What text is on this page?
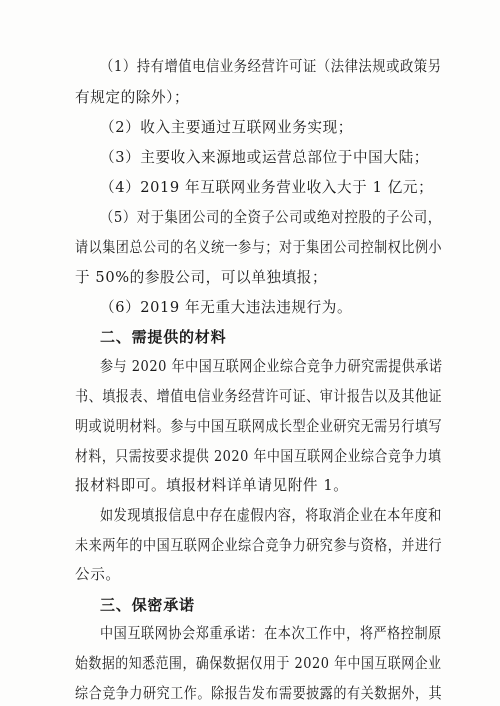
（1）持有增值电信业务经营许可证（法律法规或政策另
有规定的除外）；
（2）收入主要通过互联网业务实现；
（3）主要收入来源地或运营总部位于中国大陆；
（4）2019 年互联网业务营业收入大于 1 亿元；
（5）对于集团公司的全资子公司或绝对控股的子公司，
请以集团总公司的名义统一参与；对于集团公司控制权比例小
于 50%的参股公司，可以单独填报；
（6）2019 年无重大违法违规行为。
二、需提供的材料
参与 2020 年中国互联网企业综合竞争力研究需提供承诺
书、填报表、增值电信业务经营许可证、审计报告以及其他证
明或说明材料。参与中国互联网成长型企业研究无需另行填写
材料，只需按要求提供 2020 年中国互联网企业综合竞争力填
报材料即可。填报材料详单请见附件 1。
如发现填报信息中存在虚假内容，将取消企业在本年度和
未来两年的中国互联网企业综合竞争力研究参与资格，并进行
公示。
三、保密承诺
中国互联网协会郑重承诺：在本次工作中，将严格控制原
始数据的知悉范围，确保数据仅用于 2020 年中国互联网企业
综合竞争力研究工作。除报告发布需要披露的有关数据外，其
